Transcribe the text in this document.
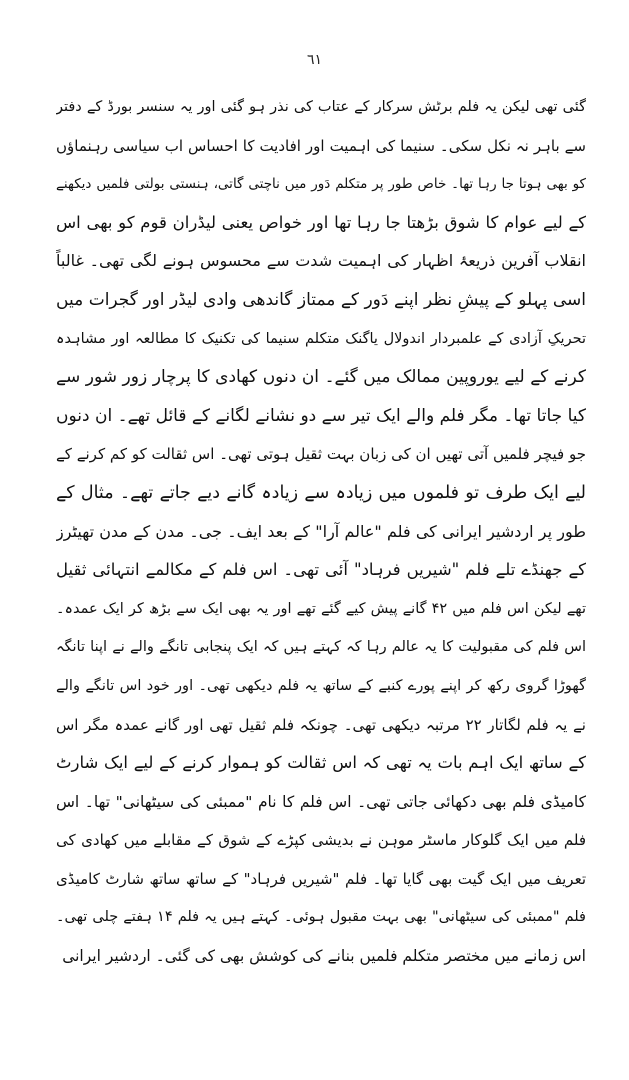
٦١
گئی تھی لیکن یہ فلم برٹش سرکار کے عتاب کی نذر ہو گئی اور یہ سنسر بورڈ کے دفتر
سے باہر نہ نکل سکی۔ سنیما کی اہمیت اور افادیت کا احساس اب سیاسی رہنماؤں
کو بھی ہوتا جا رہا تھا۔ خاص طور پر متکلم دَور میں ناچتی گاتی، ہنستی بولتی فلمیں دیکھنے
کے لیے عوام کا شوق بڑھتا جا رہا تھا اور خواص یعنی لیڈران قوم کو بھی اس
انقلاب آفرین ذریعۂ اظہار کی اہمیت شدت سے محسوس ہونے لگی تھی۔ غالباً
اسی پہلو کے پیشِ نظر اپنے دَور کے ممتاز گاندھی وادی لیڈر اور گجرات میں
تحریکِ آزادی کے علمبردار اندولال یاگنک متکلم سنیما کی تکنیک کا مطالعہ اور مشاہدہ
کرنے کے لیے یوروپین ممالک میں گئے۔ ان دنوں کھادی کا پرچار زور شور سے
کیا جاتا تھا۔ مگر فلم والے ایک تیر سے دو نشانے لگانے کے قائل تھے۔ ان دنوں
جو فیچر فلمیں آتی تھیں ان کی زبان بہت ثقیل ہوتی تھی۔ اس ثقالت کو کم کرنے کے
لیے ایک طرف تو فلموں میں زیادہ سے زیادہ گانے دیے جاتے تھے۔ مثال کے
طور پر اردشیر ایرانی کی فلم "عالم آرا" کے بعد ایف۔ جی۔ مدن کے مدن تھیٹرز
کے جھنڈے تلے فلم "شیریں فرہاد" آئی تھی۔ اس فلم کے مکالمے انتہائی ثقیل
تھے لیکن اس فلم میں ۴۲ گانے پیش کیے گئے تھے اور یہ بھی ایک سے بڑھ کر ایک عمدہ۔
اس فلم کی مقبولیت کا یہ عالم رہا کہ کہتے ہیں کہ ایک پنجابی تانگے والے نے اپنا تانگہ
گھوڑا گروی رکھ کر اپنے پورے کنبے کے ساتھ یہ فلم دیکھی تھی۔ اور خود اس تانگے والے
نے یہ فلم لگاتار ۲۲ مرتبہ دیکھی تھی۔ چونکہ فلم ثقیل تھی اور گانے عمدہ مگر اس
کے ساتھ ایک اہم بات یہ تھی کہ اس ثقالت کو ہموار کرنے کے لیے ایک شارٹ
کامیڈی فلم بھی دکھائی جاتی تھی۔ اس فلم کا نام "ممبئی کی سیٹھانی" تھا۔ اس
فلم میں ایک گلوکار ماسٹر موہن نے بدیشی کپڑے کے شوق کے مقابلے میں کھادی کی
تعریف میں ایک گیت بھی گایا تھا۔ فلم "شیریں فرہاد" کے ساتھ ساتھ شارٹ کامیڈی
فلم "ممبئی کی سیٹھانی" بھی بہت مقبول ہوئی۔ کہتے ہیں یہ فلم ۱۴ ہفتے چلی تھی۔
اس زمانے میں مختصر متکلم فلمیں بنانے کی کوشش بھی کی گئی۔ اردشیر ایرانی
